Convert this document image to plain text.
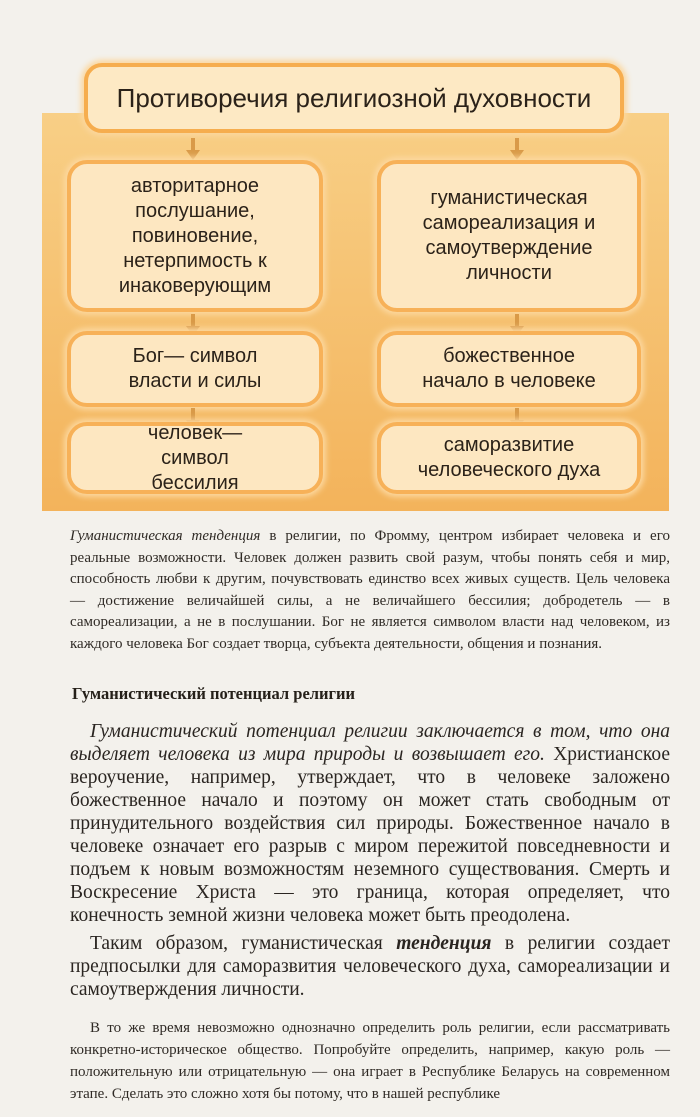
Противоречия религиозной духовности
авторитарное послушание, повиновение, нетерпимость к инаковерующим
гуманистическая самореализация и самоутверждение личности
Бог— символ власти и силы
божественное начало в человеке
человек— символ бессилия
саморазвитие человеческого духа
Гуманистическая тенденция в религии, по Фромму, центром избирает человека и его реальные возможности. Человек должен развить свой разум, чтобы понять себя и мир, способность любви к другим, почувствовать единство всех живых существ. Цель человека — достижение величайшей силы, а не величайшего бессилия; добродетель — в самореализации, а не в послушании. Бог не является символом власти над человеком, из каждого человека Бог создает творца, субъекта деятельности, общения и познания.
Гуманистический потенциал религии
Гуманистический потенциал религии заключается в том, что она выделяет человека из мира природы и возвышает его. Христианское вероучение, например, утверждает, что в человеке заложено божественное начало и поэтому он может стать свободным от принудительного воздействия сил природы. Божественное начало в человеке означает его разрыв с миром пережитой повседневности и подъем к новым возможностям неземного существования. Смерть и Воскресение Христа — это граница, которая определяет, что конечность земной жизни человека может быть преодолена.
Таким образом, гуманистическая тенденция в религии создает предпосылки для саморазвития человеческого духа, самореализации и самоутверждения личности.
В то же время невозможно однозначно определить роль религии, если рассматривать конкретно-историческое общество. Попробуйте определить, например, какую роль — положительную или отрицательную — она играет в Республике Беларусь на современном этапе. Сделать это сложно хотя бы потому, что в нашей республике
